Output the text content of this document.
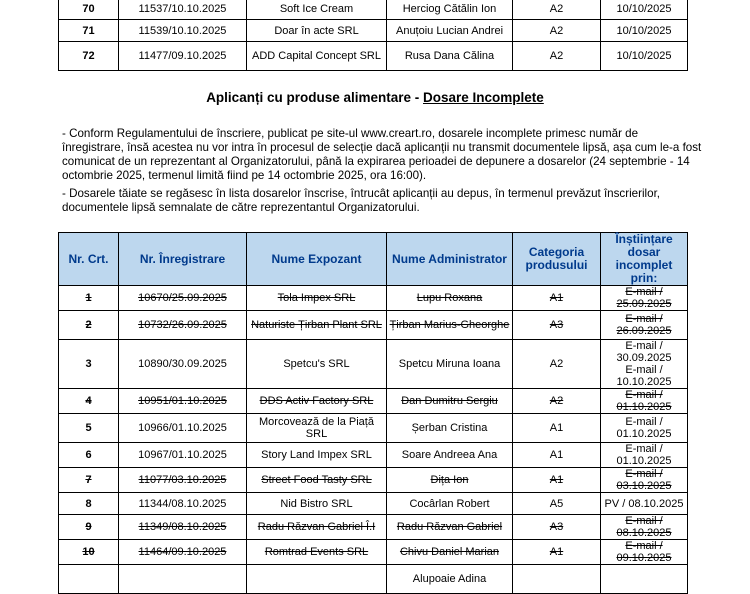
70	11537/10.10.2025	Soft Ice Cream	Herciog Cătălin Ion	A2	10/10/2025
71	11539/10.10.2025	Doar în acte SRL	Anuțoiu Lucian Andrei	A2	10/10/2025
72	11477/09.10.2025	ADD Capital Concept SRL	Rusa Dana Călina	A2	10/10/2025
Aplicanți cu produse alimentare - Dosare Incomplete
- Conform Regulamentului de înscriere, publicat pe site-ul www.creart.ro, dosarele incomplete primesc număr de înregistrare, însă acestea nu vor intra în procesul de selecție dacă aplicanții nu transmit documentele lipsă, așa cum le-a fost comunicat de un reprezentant al Organizatorului, până la expirarea perioadei de depunere a dosarelor (24 septembrie - 14 octombrie 2025, termenul limită fiind pe 14 octombrie 2025, ora 16:00).
- Dosarele tăiate se regăsesc în lista dosarelor înscrise, întrucât aplicanții au depus, în termenul prevăzut înscrierilor, documentele lipsă semnalate de către reprezentantul Organizatorului.
Nr. Crt.	Nr. Înregistrare	Nume Expozant	Nume Administrator	Categoria produsului	Înștiințare dosar incomplet prin:
1	10670/25.09.2025	Tola Impex SRL	Lupu Roxana	A1	E-mail / 25.09.2025
2	10732/26.09.2025	Naturiste Țirban Plant SRL	Țirban Marius-Gheorghe	A3	E-mail / 26.09.2025
3	10890/30.09.2025	Spetcu's SRL	Spetcu Miruna Ioana	A2	E-mail / 30.09.2025
E-mail / 10.10.2025
4	10951/01.10.2025	DDS Activ Factory SRL	Dan Dumitru Sergiu	A2	E-mail / 01.10.2025
5	10966/01.10.2025	Morcovează de la Piață SRL	Șerban Cristina	A1	E-mail / 01.10.2025
6	10967/01.10.2025	Story Land Impex SRL	Soare Andreea Ana	A1	E-mail / 01.10.2025
7	11077/03.10.2025	Street Food Tasty SRL	Dița Ion	A1	E-mail / 03.10.2025
8	11344/08.10.2025	Nid Bistro SRL	Cocârlan Robert	A5	PV / 08.10.2025
9	11349/08.10.2025	Radu Răzvan Gabriel Î.I	Radu Răzvan Gabriel	A3	E-mail / 08.10.2025
10	11464/09.10.2025	Romtrad Events SRL	Chivu Daniel Marian	A1	E-mail / 09.10.2025
			Alupoaie Adina		
